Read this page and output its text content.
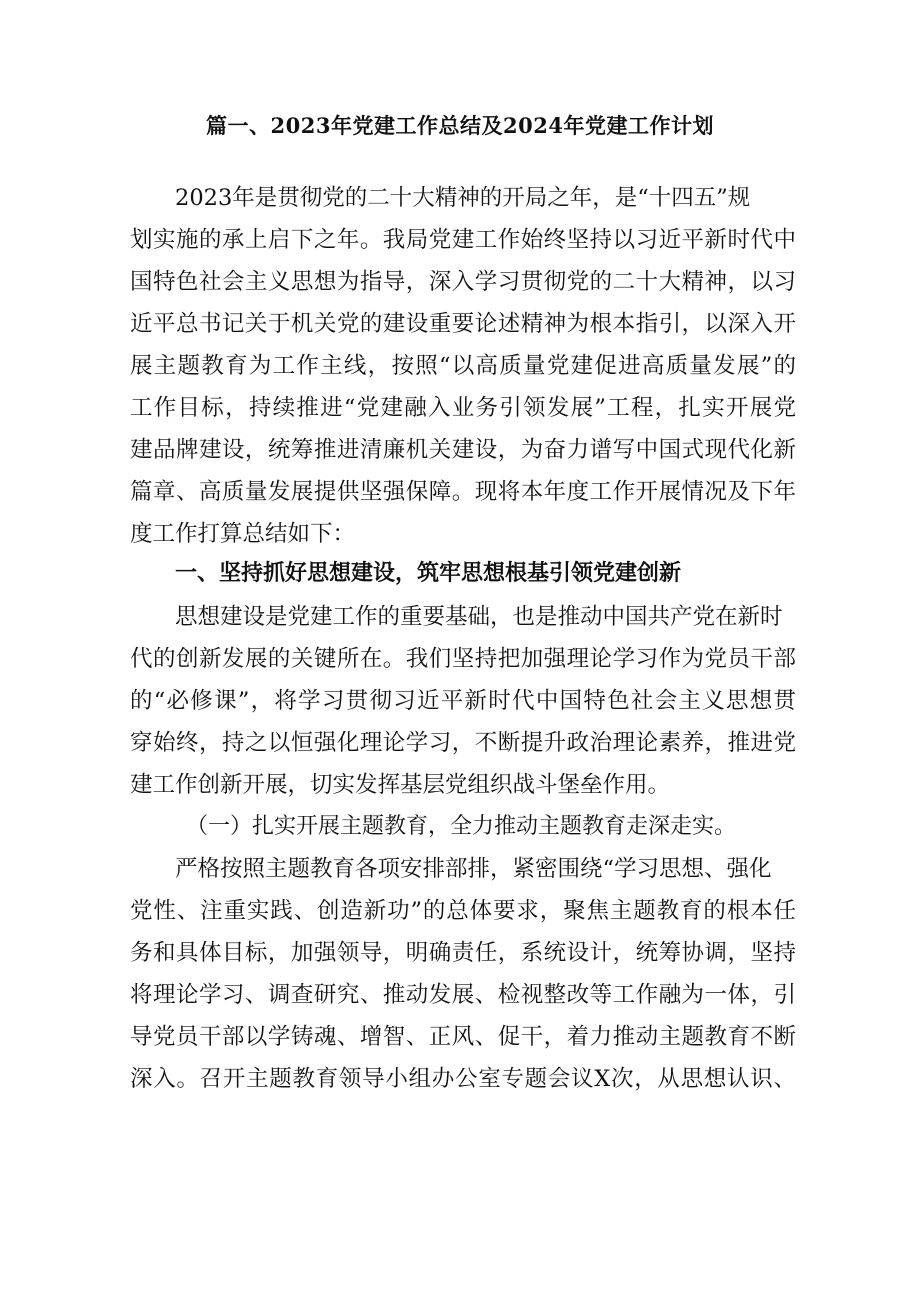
篇一、2023年党建工作总结及2024年党建工作计划
2023年是贯彻党的二十大精神的开局之年，是“十四五”规
划实施的承上启下之年。我局党建工作始终坚持以习近平新时代中
国特色社会主义思想为指导，深入学习贯彻党的二十大精神，以习
近平总书记关于机关党的建设重要论述精神为根本指引，以深入开
展主题教育为工作主线，按照“以高质量党建促进高质量发展”的
工作目标，持续推进“党建融入业务引领发展”工程，扎实开展党
建品牌建设，统筹推进清廉机关建设，为奋力谱写中国式现代化新
篇章、高质量发展提供坚强保障。现将本年度工作开展情况及下年
度工作打算总结如下：
一、坚持抓好思想建设，筑牢思想根基引领党建创新
思想建设是党建工作的重要基础，也是推动中国共产党在新时
代的创新发展的关键所在。我们坚持把加强理论学习作为党员干部
的“必修课”，将学习贯彻习近平新时代中国特色社会主义思想贯
穿始终，持之以恒强化理论学习，不断提升政治理论素养，推进党
建工作创新开展，切实发挥基层党组织战斗堡垒作用。
（一）扎实开展主题教育，全力推动主题教育走深走实。
严格按照主题教育各项安排部排，紧密围绕“学习思想、强化
党性、注重实践、创造新功”的总体要求，聚焦主题教育的根本任
务和具体目标，加强领导，明确责任，系统设计，统筹协调，坚持
将理论学习、调查研究、推动发展、检视整改等工作融为一体，引
导党员干部以学铸魂、增智、正风、促干，着力推动主题教育不断
深入。召开主题教育领导小组办公室专题会议X次，从思想认识、
